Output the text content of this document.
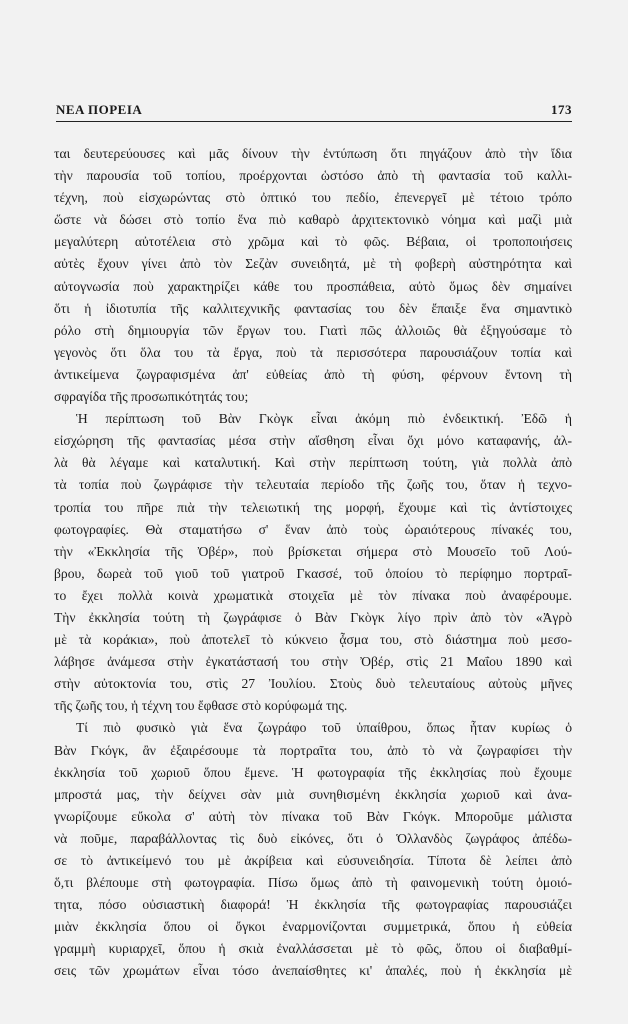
ΝΕΑ ΠΟΡΕΙΑ	173
ται δευτερεύουσες καὶ μᾶς δίνουν τὴν ἐντύπωση ὅτι πηγάζουν ἀπὸ τὴν ἴδια
τὴν παρουσία τοῦ τοπίου, προέρχονται ὡστόσο ἀπὸ τὴ φαντασία τοῦ καλλι-
τέχνη, ποὺ εἰσχωρώντας στὸ ὀπτικό του πεδίο, ἐπενεργεῖ μὲ τέτοιο τρόπο
ὥστε νὰ δώσει στὸ τοπίο ἕνα πιὸ καθαρὸ ἀρχιτεκτονικὸ νόημα καὶ μαζὶ μιὰ
μεγαλύτερη αὐτοτέλεια στὸ χρῶμα καὶ τὸ φῶς. Βέβαια, οἱ τροποποιήσεις
αὐτὲς ἔχουν γίνει ἀπὸ τὸν Σεζὰν συνειδητά, μὲ τὴ φοβερὴ αὐστηρότητα καὶ
αὐτογνωσία ποὺ χαρακτηρίζει κάθε του προσπάθεια, αὐτὸ ὅμως δὲν σημαίνει
ὅτι ἡ ἰδιοτυπία τῆς καλλιτεχνικῆς φαντασίας του δὲν ἔπαιξε ἕνα σημαντικὸ
ρόλο στὴ δημιουργία τῶν ἔργων του. Γιατὶ πῶς ἀλλοιῶς θὰ ἐξηγούσαμε τὸ
γεγονὸς ὅτι ὅλα του τὰ ἔργα, ποὺ τὰ περισσότερα παρουσιάζουν τοπία καὶ
ἀντικείμενα ζωγραφισμένα ἀπ' εὐθείας ἀπὸ τὴ φύση, φέρνουν ἔντονη τὴ
σφραγίδα τῆς προσωπικότητάς του;
Ἡ περίπτωση τοῦ Βὰν Γκὸγκ εἶναι ἀκόμη πιὸ ἐνδεικτική. Ἐδῶ ἡ
εἰσχώρηση τῆς φαντασίας μέσα στὴν αἴσθηση εἶναι ὄχι μόνο καταφανής, ἀλ-
λὰ θὰ λέγαμε καὶ καταλυτική. Καὶ στὴν περίπτωση τούτη, γιὰ πολλὰ ἀπὸ
τὰ τοπία ποὺ ζωγράφισε τὴν τελευταία περίοδο τῆς ζωῆς του, ὅταν ἡ τεχνο-
τροπία του πῆρε πιὰ τὴν τελειωτική της μορφή, ἔχουμε καὶ τὶς ἀντίστοιχες
φωτογραφίες. Θὰ σταματήσω σ' ἕναν ἀπὸ τοὺς ὡραιότερους πίνακές του,
τὴν «Ἐκκλησία τῆς Ὀβέρ», ποὺ βρίσκεται σήμερα στὸ Μουσεῖο τοῦ Λού-
βρου, δωρεὰ τοῦ γιοῦ τοῦ γιατροῦ Γκασσέ, τοῦ ὁποίου τὸ περίφημο πορτραῖ-
το ἔχει πολλὰ κοινὰ χρωματικὰ στοιχεῖα μὲ τὸν πίνακα ποὺ ἀναφέρουμε.
Τὴν ἐκκλησία τούτη τὴ ζωγράφισε ὁ Βὰν Γκὸγκ λίγο πρὶν ἀπὸ τὸν «Ἀγρὸ
μὲ τὰ κοράκια», ποὺ ἀποτελεῖ τὸ κύκνειο ᾆσμα του, στὸ διάστημα ποὺ μεσο-
λάβησε ἀνάμεσα στὴν ἐγκατάστασή του στὴν Ὀβέρ, στὶς 21 Μαΐου 1890 καὶ
στὴν αὐτοκτονία του, στὶς 27 Ἰουλίου. Στοὺς δυὸ τελευταίους αὐτοὺς μῆνες
τῆς ζωῆς του, ἡ τέχνη του ἔφθασε στὸ κορύφωμά της.
Τί πιὸ φυσικὸ γιὰ ἕνα ζωγράφο τοῦ ὑπαίθρου, ὅπως ἦταν κυρίως ὁ
Βὰν Γκόγκ, ἂν ἐξαιρέσουμε τὰ πορτραῖτα του, ἀπὸ τὸ νὰ ζωγραφίσει τὴν
ἐκκλησία τοῦ χωριοῦ ὅπου ἔμενε. Ἡ φωτογραφία τῆς ἐκκλησίας ποὺ ἔχουμε
μπροστά μας, τὴν δείχνει σὰν μιὰ συνηθισμένη ἐκκλησία χωριοῦ καὶ ἀνα-
γνωρίζουμε εὔκολα σ' αὐτὴ τὸν πίνακα τοῦ Βὰν Γκόγκ. Μποροῦμε μάλιστα
νὰ ποῦμε, παραβάλλοντας τὶς δυὸ εἰκόνες, ὅτι ὁ Ὁλλανδὸς ζωγράφος ἀπέδω-
σε τὸ ἀντικείμενό του μὲ ἀκρίβεια καὶ εὐσυνειδησία. Τίποτα δὲ λείπει ἀπὸ
ὅ,τι βλέπουμε στὴ φωτογραφία. Πίσω ὅμως ἀπὸ τὴ φαινομενικὴ τούτη ὁμοιό-
τητα, πόσο οὐσιαστικὴ διαφορά! Ἡ ἐκκλησία τῆς φωτογραφίας παρουσιάζει
μιὰν ἐκκλησία ὅπου οἱ ὄγκοι ἐναρμονίζονται συμμετρικά, ὅπου ἡ εὐθεία
γραμμὴ κυριαρχεῖ, ὅπου ἡ σκιὰ ἐναλλάσσεται μὲ τὸ φῶς, ὅπου οἱ διαβαθμί-
σεις τῶν χρωμάτων εἶναι τόσο ἀνεπαίσθητες κι' ἁπαλές, ποὺ ἡ ἐκκλησία μὲ
